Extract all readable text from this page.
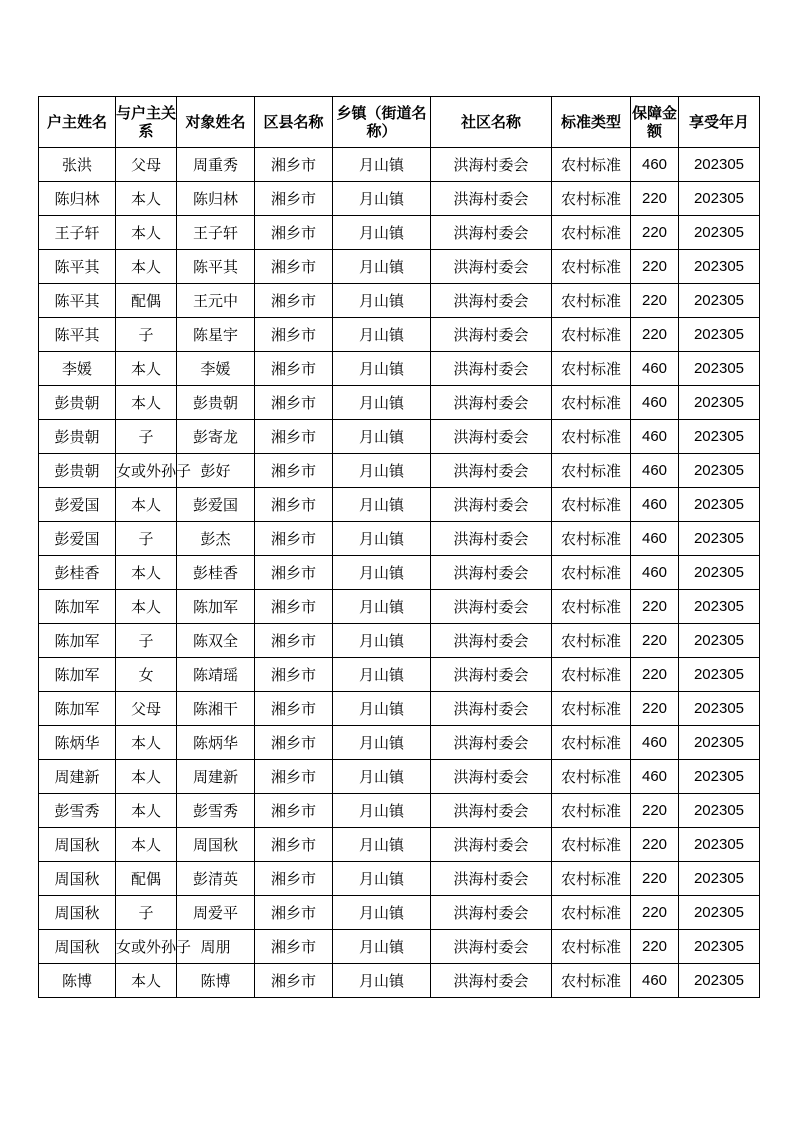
户主姓名	与户主关系	对象姓名	区县名称	乡镇（街道名称）	社区名称	标准类型	保障金额	享受年月
张洪	父母	周重秀	湘乡市	月山镇	洪海村委会	农村标准	460	202305
陈归林	本人	陈归林	湘乡市	月山镇	洪海村委会	农村标准	220	202305
王子轩	本人	王子轩	湘乡市	月山镇	洪海村委会	农村标准	220	202305
陈平其	本人	陈平其	湘乡市	月山镇	洪海村委会	农村标准	220	202305
陈平其	配偶	王元中	湘乡市	月山镇	洪海村委会	农村标准	220	202305
陈平其	子	陈星宇	湘乡市	月山镇	洪海村委会	农村标准	220	202305
李媛	本人	李媛	湘乡市	月山镇	洪海村委会	农村标准	460	202305
彭贵朝	本人	彭贵朝	湘乡市	月山镇	洪海村委会	农村标准	460	202305
彭贵朝	子	彭寄龙	湘乡市	月山镇	洪海村委会	农村标准	460	202305
彭贵朝	女或外孙子	彭好	湘乡市	月山镇	洪海村委会	农村标准	460	202305
彭爱国	本人	彭爱国	湘乡市	月山镇	洪海村委会	农村标准	460	202305
彭爱国	子	彭杰	湘乡市	月山镇	洪海村委会	农村标准	460	202305
彭桂香	本人	彭桂香	湘乡市	月山镇	洪海村委会	农村标准	460	202305
陈加军	本人	陈加军	湘乡市	月山镇	洪海村委会	农村标准	220	202305
陈加军	子	陈双全	湘乡市	月山镇	洪海村委会	农村标准	220	202305
陈加军	女	陈靖瑶	湘乡市	月山镇	洪海村委会	农村标准	220	202305
陈加军	父母	陈湘干	湘乡市	月山镇	洪海村委会	农村标准	220	202305
陈炳华	本人	陈炳华	湘乡市	月山镇	洪海村委会	农村标准	460	202305
周建新	本人	周建新	湘乡市	月山镇	洪海村委会	农村标准	460	202305
彭雪秀	本人	彭雪秀	湘乡市	月山镇	洪海村委会	农村标准	220	202305
周国秋	本人	周国秋	湘乡市	月山镇	洪海村委会	农村标准	220	202305
周国秋	配偶	彭清英	湘乡市	月山镇	洪海村委会	农村标准	220	202305
周国秋	子	周爱平	湘乡市	月山镇	洪海村委会	农村标准	220	202305
周国秋	女或外孙子	周朋	湘乡市	月山镇	洪海村委会	农村标准	220	202305
陈博	本人	陈博	湘乡市	月山镇	洪海村委会	农村标准	460	202305
